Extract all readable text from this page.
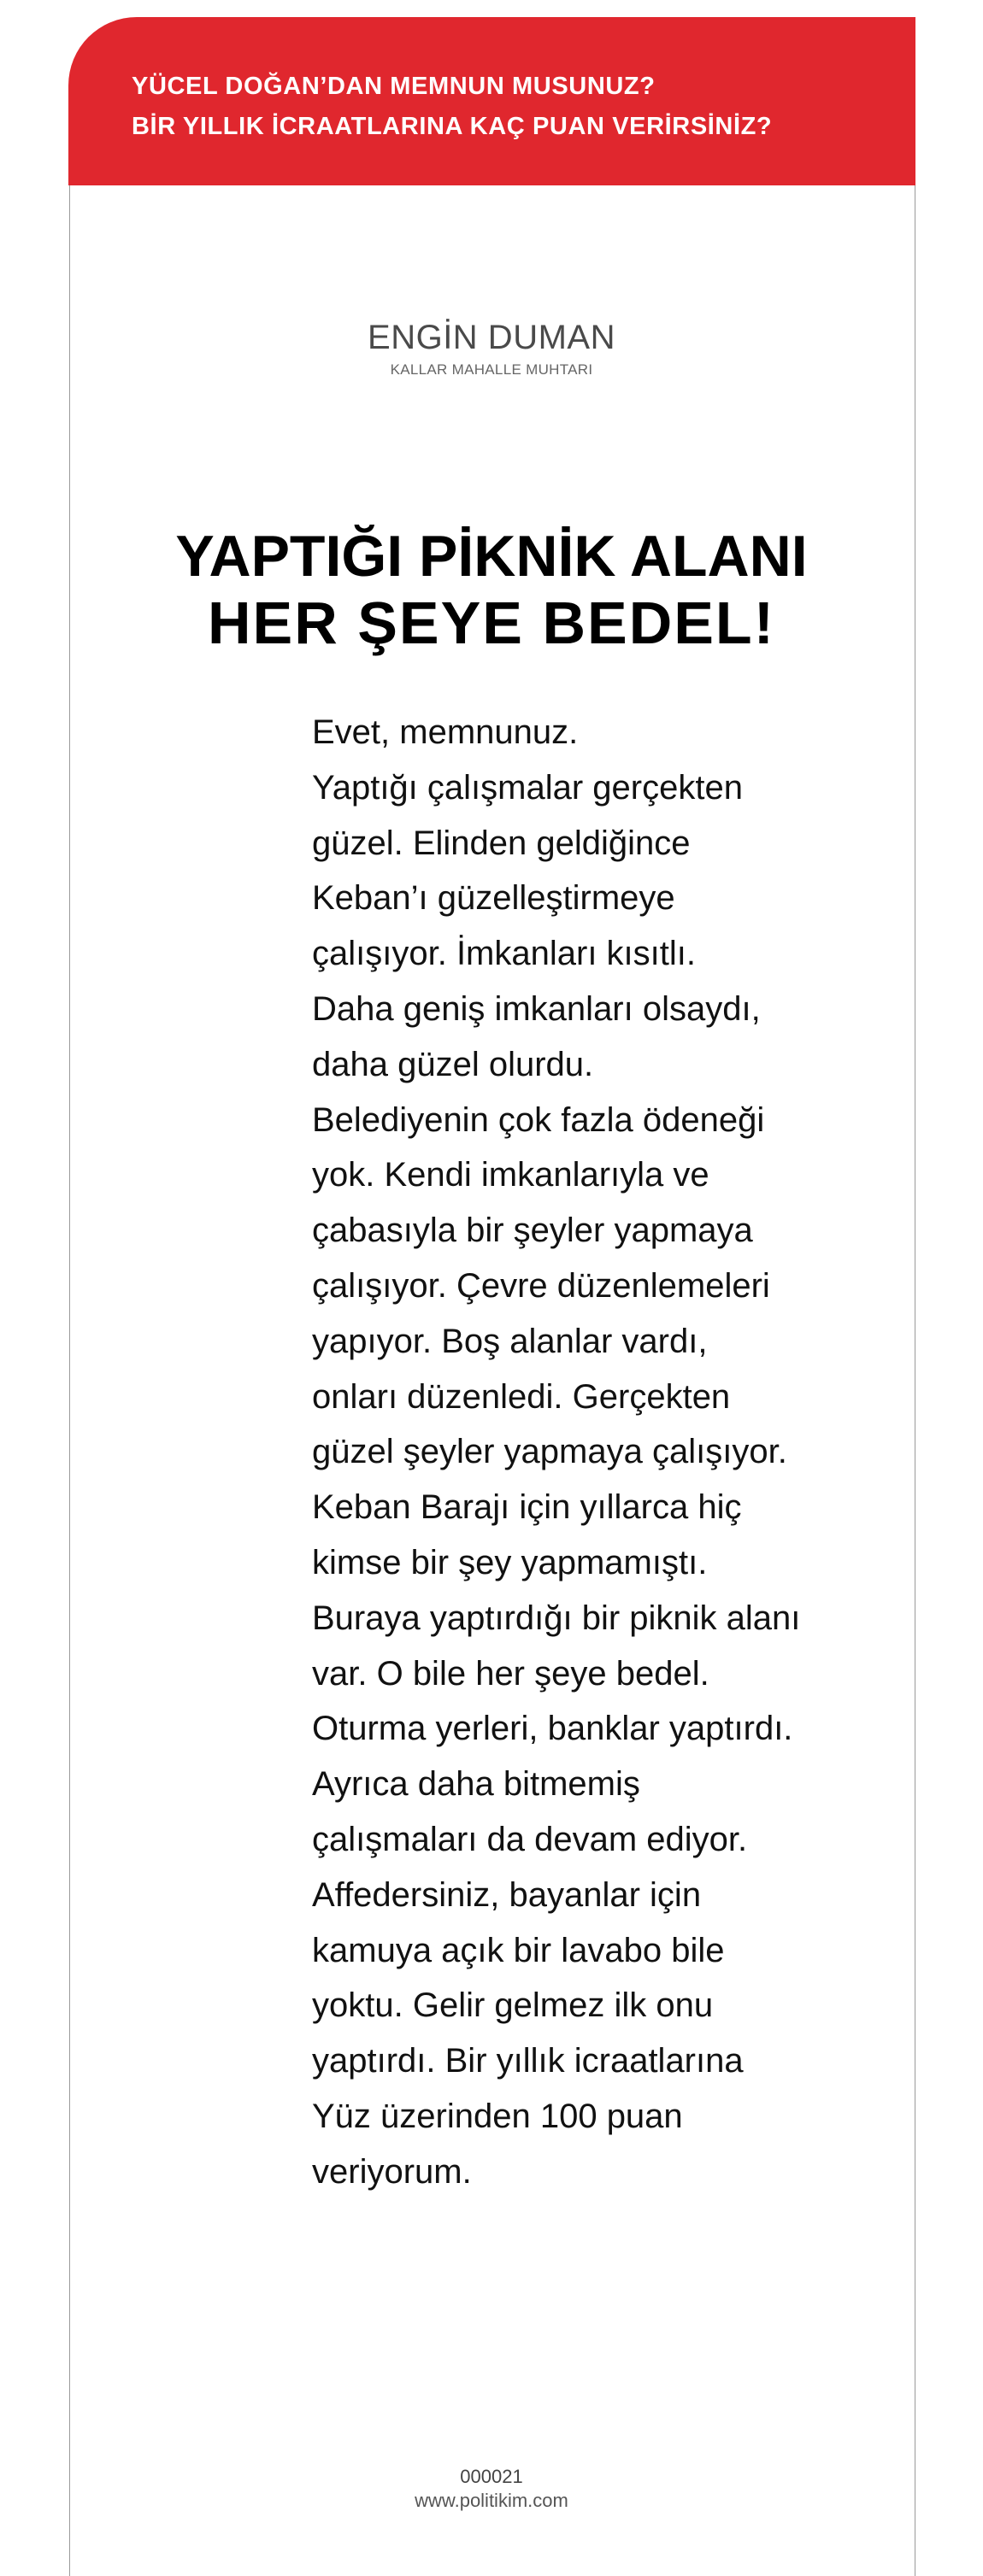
YÜCEL DOĞAN’DAN MEMNUN MUSUNUZ?
BİR YILLIK İCRAATLARINA KAÇ PUAN VERİRSİNİZ?
ENGİN DUMAN
KALLAR MAHALLE MUHTARI
YAPTIĞI PİKNİK ALANI
HER ŞEYE BEDEL!
Evet, memnunuz.
Yaptığı çalışmalar gerçekten
güzel. Elinden geldiğince
Keban’ı güzelleştirmeye
çalışıyor. İmkanları kısıtlı.
Daha geniş imkanları olsaydı,
daha güzel olurdu.
Belediyenin çok fazla ödeneği
yok. Kendi imkanlarıyla ve
çabasıyla bir şeyler yapmaya
çalışıyor. Çevre düzenlemeleri
yapıyor. Boş alanlar vardı,
onları düzenledi. Gerçekten
güzel şeyler yapmaya çalışıyor.
Keban Barajı için yıllarca hiç
kimse bir şey yapmamıştı.
Buraya yaptırdığı bir piknik alanı
var. O bile her şeye bedel.
Oturma yerleri, banklar yaptırdı.
Ayrıca daha bitmemiş
çalışmaları da devam ediyor.
Affedersiniz, bayanlar için
kamuya açık bir lavabo bile
yoktu. Gelir gelmez ilk onu
yaptırdı. Bir yıllık icraatlarına
Yüz üzerinden 100 puan
veriyorum.
000021
www.politikim.com
